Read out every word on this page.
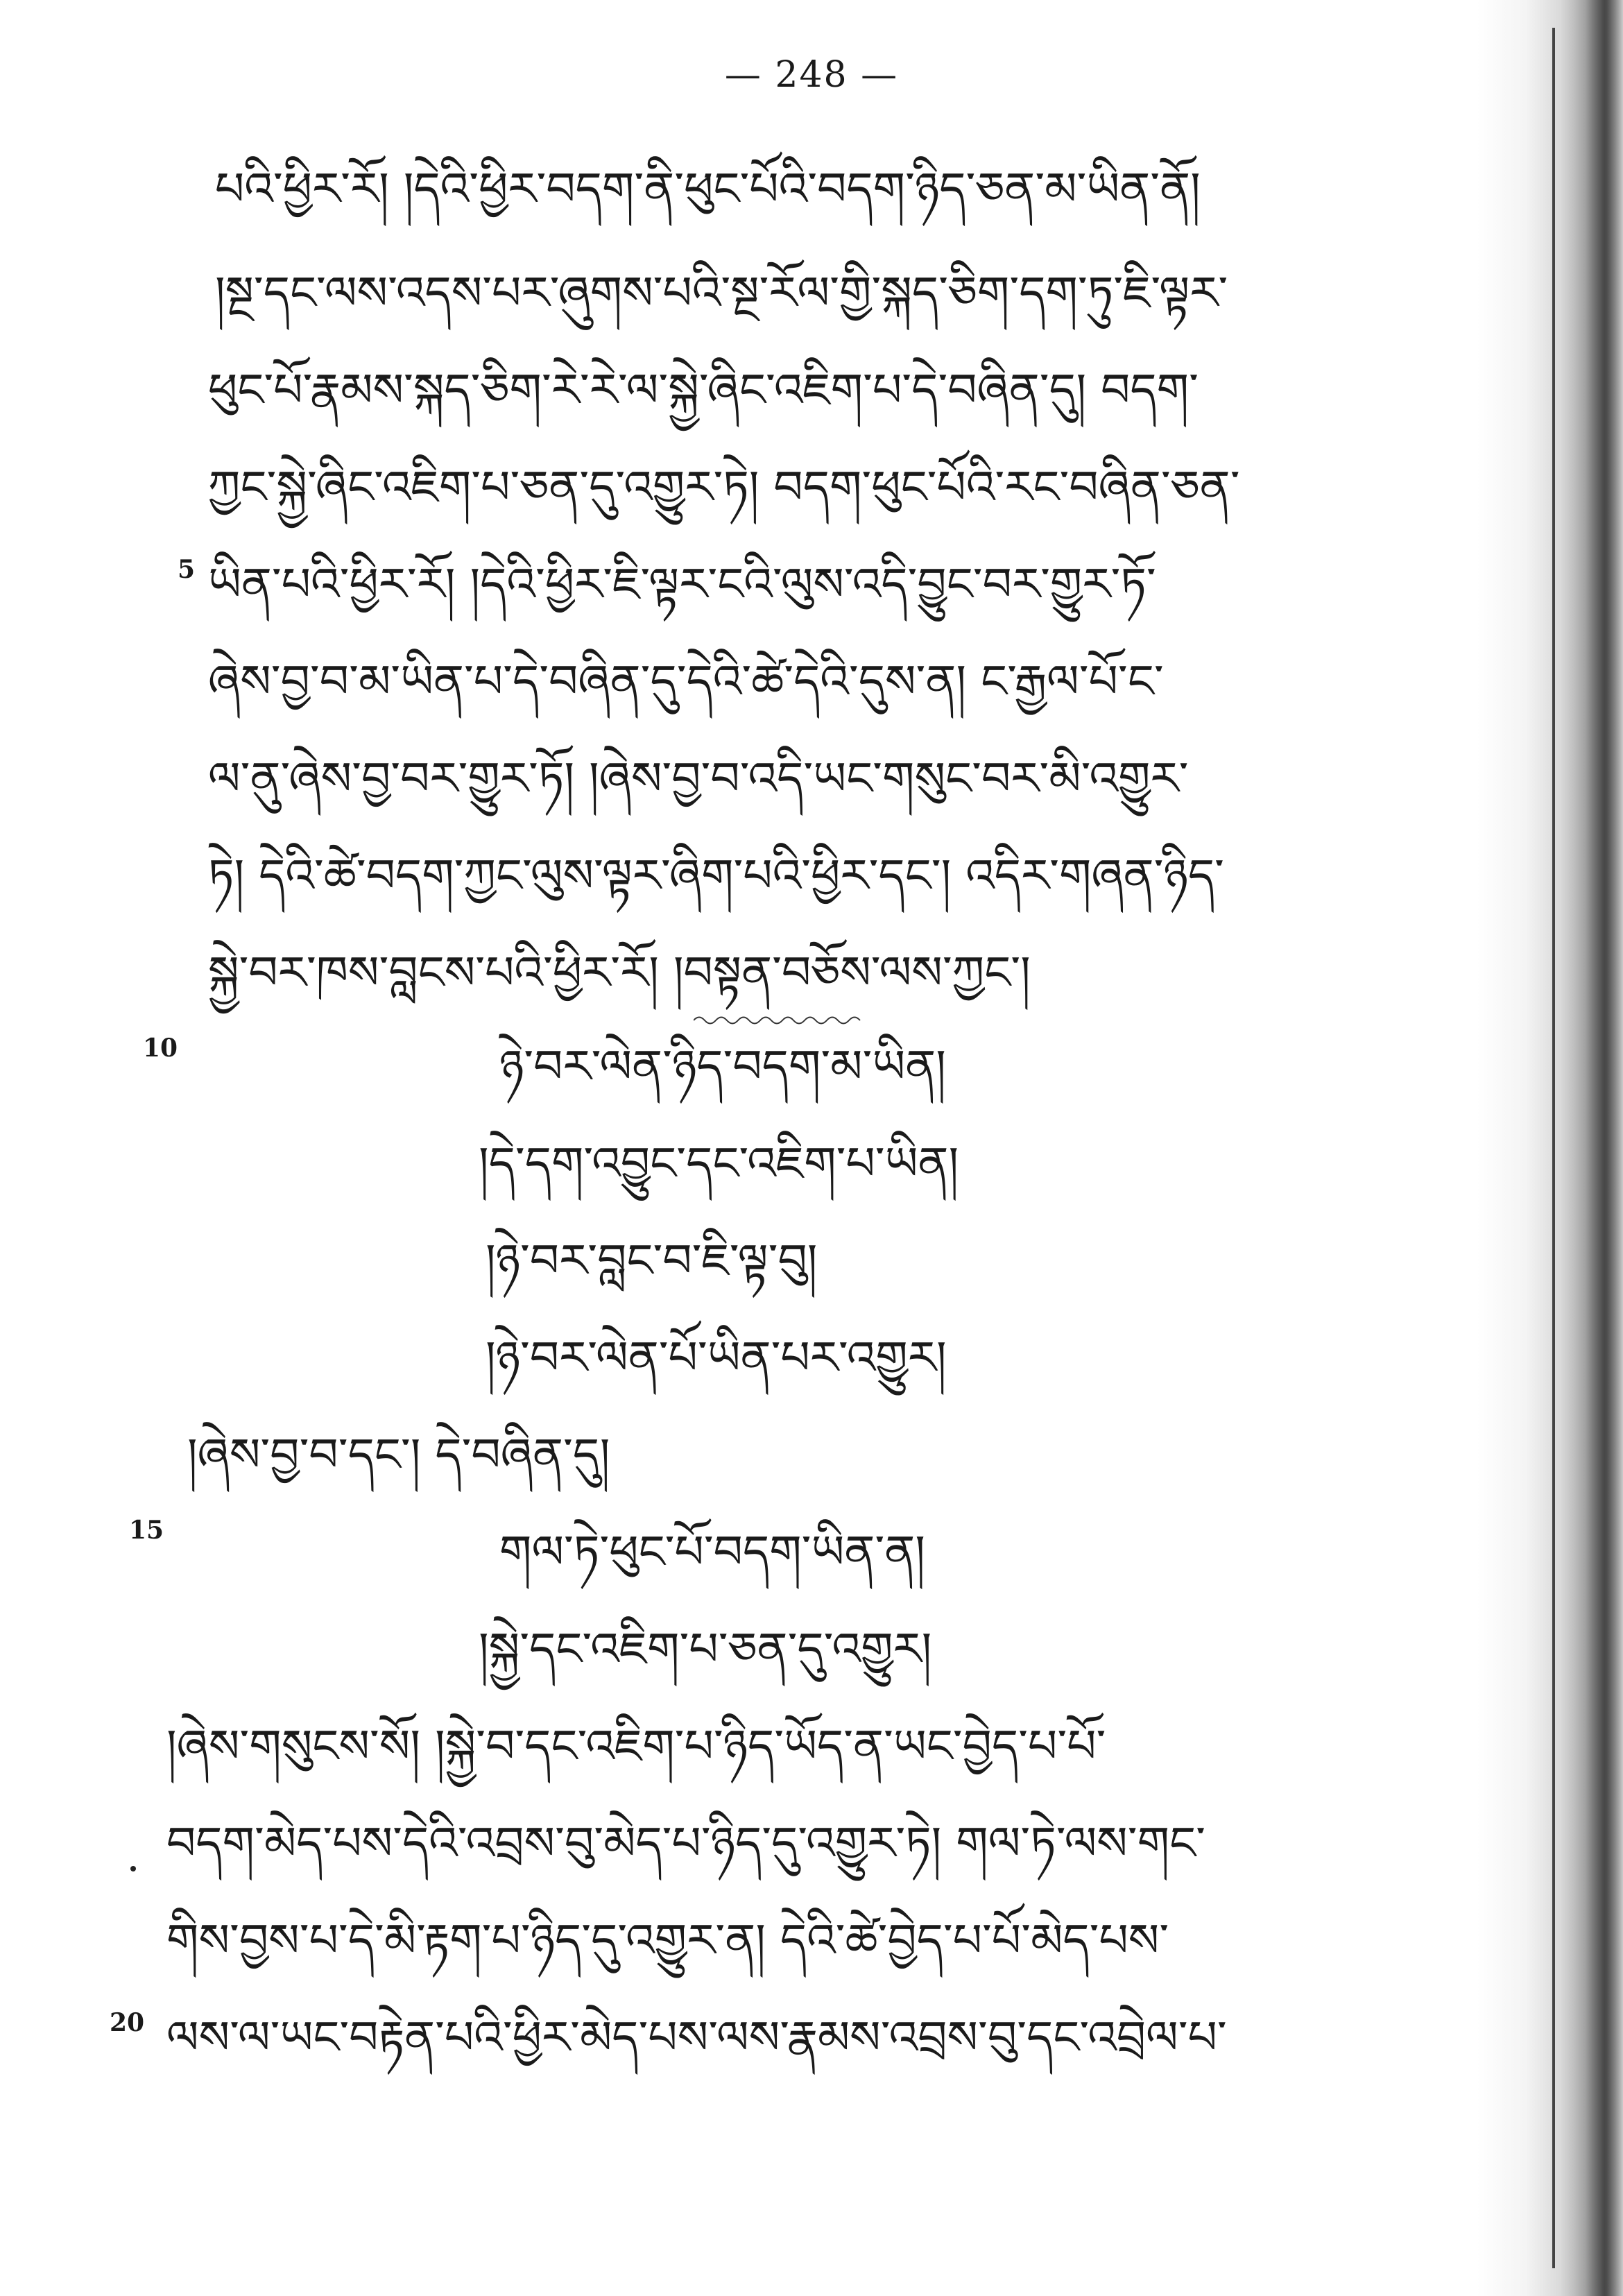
— 248 —
པའི་ཕྱིར་རོ། །དེའི་ཕྱིར་བདག་ནི་ཕུང་པོའི་བདག་ཉིད་ཅན་མ་ཡིན་ནོ།
།སྔ་དང་ལས་འདས་པར་ཞུགས་པའི་སྔ་རོལ་གྱི་སྐད་ཅིག་དག་ཏུ་ཇི་ལྟར་
ཕུང་པོ་རྣམས་སྐད་ཅིག་རེ་རེ་ལ་སྐྱེ་ཞིང་འཇིག་པ་དེ་བཞིན་དུ། བདག་
ཀྱང་སྐྱེ་ཞིང་འཇིག་པ་ཅན་དུ་འགྱུར་ཏེ། བདག་ཕུང་པོའི་རང་བཞིན་ཅན་
5 ཡིན་པའི་ཕྱིར་རོ། །དེའི་ཕྱིར་ཇི་ལྟར་ངའི་ལུས་འདི་བྱུང་བར་གྱུར་ཏོ་
ཞེས་བྱ་བ་མ་ཡིན་པ་དེ་བཞིན་དུ་དེའི་ཚེ་དེའི་དུས་ན། ང་རྒྱལ་པོ་ང་
ལ་ནུ་ཞེས་བྱ་བར་གྱུར་ཏོ། །ཞེས་བྱ་བ་འདི་ཡང་གསུང་བར་མི་འགྱུར་
ཏེ། དེའི་ཚེ་བདག་ཀྱང་ལུས་ལྟར་ཞིག་པའི་ཕྱིར་དང་། འདིར་གཞན་ཉིད་
སྐྱེ་བར་ཁས་བླངས་པའི་ཕྱིར་རོ། །བསྟན་བཅོས་ལས་ཀྱང་།
10	ཉེ་བར་ལེན་ཉིད་བདག་མ་ཡིན།
།དེ་དག་འབྱུང་དང་འཇིག་པ་ཡིན།
།ཉེ་བར་བླང་བ་ཇི་ལྟ་བུ།
།ཉེ་བར་ལེན་པོ་ཡིན་པར་འགྱུར།
།ཞེས་བྱ་བ་དང་། དེ་བཞིན་དུ།
15	གལ་ཏེ་ཕུང་པོ་བདག་ཡིན་ན།
།སྐྱེ་དང་འཇིག་པ་ཅན་དུ་འགྱུར།
།ཞེས་གསུངས་སོ། །སྐྱེ་བ་དང་འཇིག་པ་ཉིད་ཡོད་ན་ཡང་བྱེད་པ་པོ་
བདག་མེད་པས་དེའི་འབྲས་བུ་མེད་པ་ཉིད་དུ་འགྱུར་ཏེ། གལ་ཏེ་ལས་གང་
གིས་བྱས་པ་དེ་མི་རྟག་པ་ཉིད་དུ་འགྱུར་ན། དེའི་ཚེ་བྱེད་པ་པོ་མེད་པས་
20 ལས་ལ་ཡང་བརྟེན་པའི་ཕྱིར་མེད་པས་ལས་རྣམས་འབྲས་བུ་དང་འབྲེལ་པ་
